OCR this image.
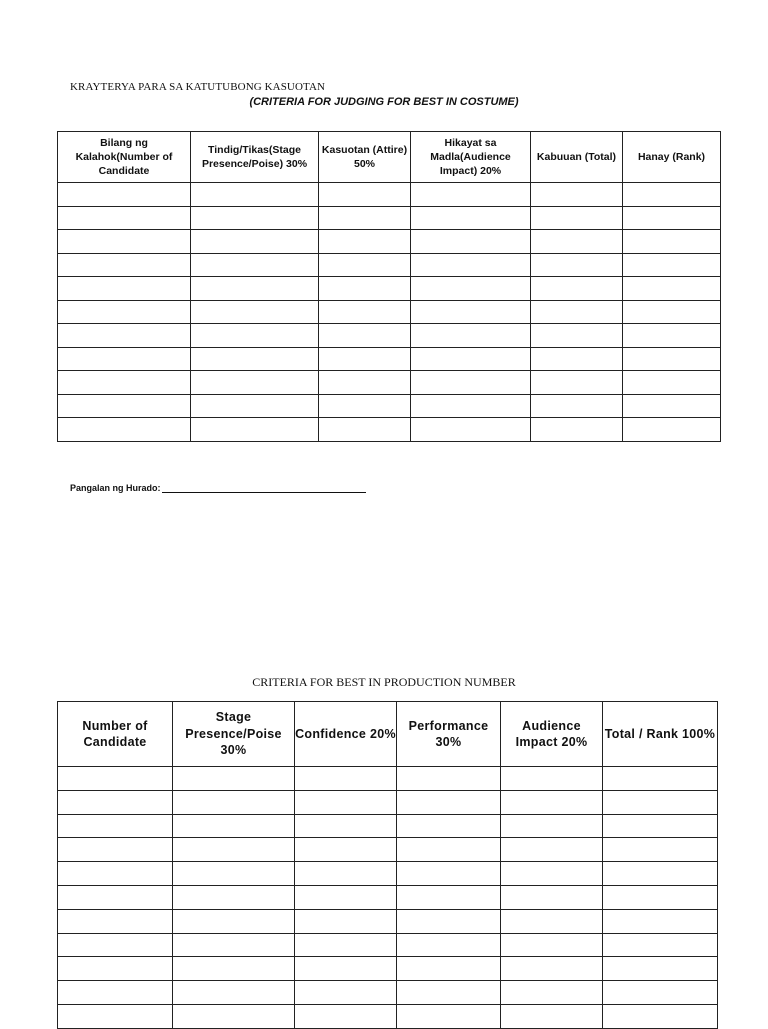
KRAYTERYA PARA SA KATUTUBONG KASUOTAN
(CRITERIA FOR JUDGING FOR BEST IN COSTUME)
Bilang ng Kalahok(Number of Candidate	Tindig/Tikas(Stage Presence/Poise) 30%	Kasuotan (Attire) 50%	Hikayat sa Madla(Audience Impact) 20%	Kabuuan (Total)	Hanay (Rank)

Pangalan ng Hurado:
CRITERIA FOR BEST IN PRODUCTION NUMBER
Number of Candidate	Stage Presence/Poise 30%	Confidence 20%	Performance 30%	Audience Impact 20%	Total / Rank 100%
